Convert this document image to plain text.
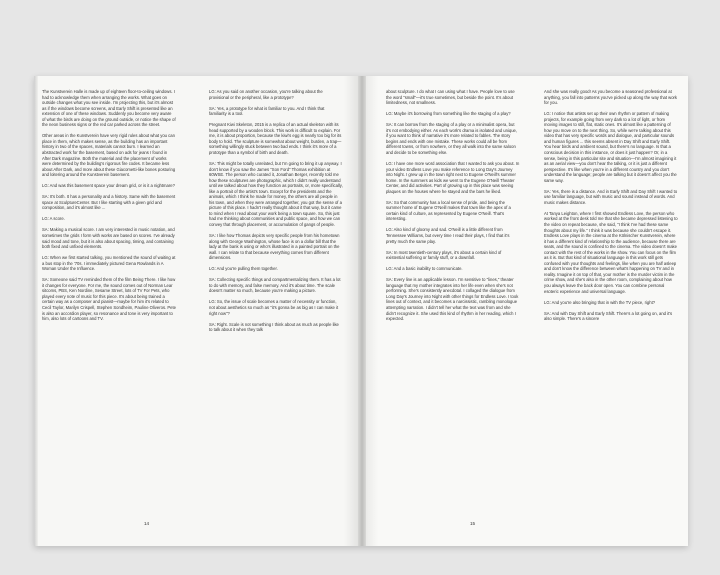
The Kunstverein Halle is made up of eighteen floor-to-ceiling windows. I had to acknowledge them when arranging the works. What goes on outside changes what you see inside. I'm projecting this, but it's almost as if the windows become screens, and Early Shift is presented like an extension of one of these windows. Suddenly you become very aware of what the birds are doing on the ground outside, or notice the shape of the neon business signs or the red car parked across the street.

Other areas in the Kunstverein have very rigid rules about what you can place in them, which makes sense, as the building has an important history in two of the spaces, materials cannot burn. I learned an abstracted work for the basement, based on ads for jeans I found in After Dark magazine. Both the material and the placement of works were determined by the building's rigorous fire codes. It became less about After Dark, and more about these Giacometti-like bones posturing and loitering around the Kunstverein basement.

LG: And was this basement space your dream grid, or is it a nightmare?

SA: It's both. It has a personality and a history. Same with the basement space at SculptureCenter. But I like starting with a given grid and composition, and it's almost like ...

LG: A score.

SA: Making a musical score. I am very interested in music notation, and sometimes the grids I form with works are based on scores. I've already said mood and tone, but it is also about spacing, timing, and containing both fixed and unfixed elements.

LG: When we first started talking, you mentioned the sound of waiting at a bus stop in the '70s. I immediately pictured Gena Rowlands in A Woman Under the Influence.

SA: Someone said TV reminded them of the film Being There. I like how it changes for everyone. For me, the sound comes out of Norman Lear sitcoms, PBS, Ken Nordine, Sesame Street, lots of TV For Pets, who played every note of music for this piece. It's about being trained a certain way as a composer and pianist—maybe for him it's related to Cecil Taylor, Marilyn Crispell, Stephen Sondheim, Pauline Oliveros. Pete is also an accordion player, so resonance and tone is very important to him, also lots of cartoons and TV.

LG: As you said on another occasion, you're talking about the provisional or the peripheral, like a prototype?

SA: Yes, a prototype for what is familiar to you. And I think that familiarity is a tool.

Pregnant Kiwi Skeleton, 2015 is a replica of an actual skeleton with its head supported by a wooden block. This work is difficult to explain. For me, it is about proportion, because the kiwi's egg is nearly too big for its body to hold. The sculpture is somewhat about weight, burden, a trap—something willingly stuck between two bad ends. I think it's more of a prototype than a symbol of birth and death.

SA: This might be totally unrelated, but I'm going to bring it up anyway. I don't know if you saw the James "Son Ford" Thomas exhibition at 60WSE. The person who curated it, Jonathan Berger, recently told me how these sculptures are photographic, which I didn't really understand until we talked about how they function as portraits, or, more specifically, like a portrait of the artist's town. Except for the presidents and the animals, which I think he made for money, the others are all people in his town, and when they were arranged together, you got the sense of a picture of this place. I hadn't really thought about it that way, but it came to mind when I read about your work being a town square. So, this just had me thinking about communities and public space, and how we can convey that through placement, or accumulation of gangs of people.

SA: I like how Thomas depicts very specific people from his hometown along with George Washington, whose face is on a dollar bill that the lady at the bank is using or who's illustrated in a painted portrait on the wall. I can relate to that because everything comes from different dimensions.

LG: And you're pulling them together.

SA: Collecting specific things and compartmentalizing them. It has a lot to do with memory, and false memory. And it's about time. The scale doesn't matter so much, because you're making a picture.

LG: So, the issue of scale becomes a matter of necessity or function, not about aesthetics so much as "it's gonna be as big as I can make it right now"?

SA: Right. Scale is not something I think about as much as people like to talk about it when they talk

14

about sculpture. I do what I can using what I have. People love to use the word "small"—it's true sometimes, but beside the point. It's about limitedness, not smallness.

LG: Maybe it's borrowing from something like the staging of a play?

SA: It can borrow from the staging of a play or a minimalist opera, but it's not embodying either. As each work's drama is isolated and unique, if you want to think of narrative it's more related to fables. The story begins and ends with one mistake. These works could all be from different towns, or from nowhere, or they all walk into the same saloon and decide to be something else.

LG: I have one more word association that I wanted to ask you about. In your video Endless Love you make reference to Long Day's Journey into Night. I grew up in the town right next to Eugene O'Neill's summer home. In the summers as kids we went to the Eugene O'Neill Theater Center, and did activities. Part of growing up in this place was seeing plaques on the houses where he stayed and the bars he liked.

SA: So that community has a local sense of pride, and being the summer home of Eugene O'Neill makes that town like the apex of a certain kind of culture, as represented by Eugene O'Neill. That's interesting.

LG: Also kind of gloomy and sad. O'Neill is a little different from Tennessee Williams, but every time I read their plays, I find that it's pretty much the same play.

SA: In most twentieth-century plays, it's about a certain kind of existential suffering or family stuff, or a downfall.

LG: And a basic inability to communicate.

SA: Every line is an applicable lesson. I'm sensitive to "lines," theater language that my mother integrates into her life even when she's not performing. She's consistently anecdotal. I collaged the dialogue from Long Day's Journey into Night with other things for Endless Love. I took lines out of context, and it becomes a narcissistic, rambling monologue attempting narration. I didn't tell her what the text was from and she didn't recognize it. She used this kind of rhythm in her reading, which I expected.

And she was really good! As you become a seasoned professional at anything, you fall into patterns you've picked up along the way that work for you.

LG: I notice that artists set up their own rhythm or pattern of making projects, for example going from very dark to a lot of light, or from moving images to still, flat, static ones. It's almost like a patterning of how you move on to the next thing. So, while we're talking about this video that has very specific words and dialogue, and particular sounds and human figures ... this seems absent in Day Shift and Early Shift. You hear birds and ambient sound, but there's no language. Is that a conscious decision in this instance, or does it just happen? Or, in a sense, being in this particular site and situation—I'm almost imagining it as an aerial view—you don't hear the talking, or it is just a different perspective. It's like when you're in a different country and you don't understand the language; people are talking but it doesn't affect you the same way.

SA: Yes, there is a distance. And in Early Shift and Day Shift I wanted to use familiar language, but with music and sound instead of words. And music makes distance.

At Tanya Leighton, where I first showed Endless Love, the person who worked at the front desk told me that she became depressed listening to the video on repeat because, she said, "I think I've had these same thoughts about my life." I think it was because she couldn't escape it. Endless Love plays in the cinema at the Kölnischer Kunstverein, where it has a different kind of relationship to the audience, because there are seats, and the sound is confined to the cinema. The video doesn't make contact with the rest of the works in the show. You can focus on the film as it is. But that kind of situational language in this work still gets confused with your thoughts and feelings, like when you are half asleep and don't know the difference between what's happening on TV and in reality. Imagine it on top of that, your mother is the murder victim in the crime show, and she's also in the other room, complaining about how you always leave the back door open. You can combine personal esoteric experience and universal language.

LG: And you're also bringing that in with the TV piece, right?

SA: And with Day Shift and Early Shift. There's a lot going on, and it's also simple. There's a sincere

15
